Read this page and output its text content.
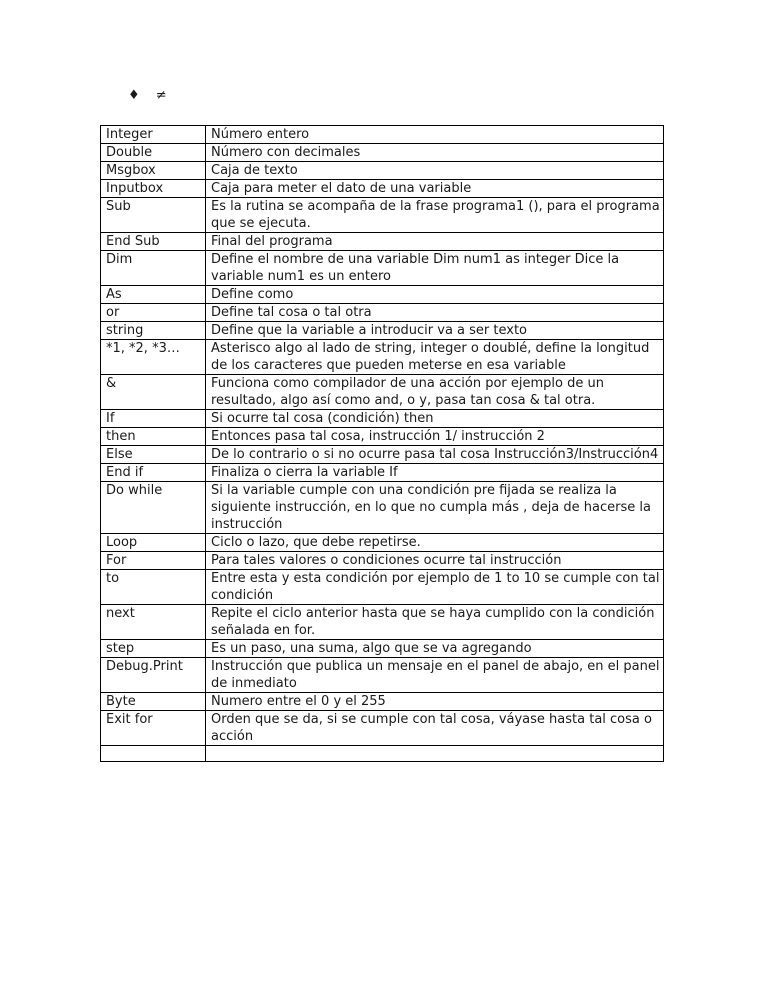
♦ ≠
Integer	Número entero
Double	Número con decimales
Msgbox	Caja de texto
Inputbox	Caja para meter el dato de una variable
Sub	Es la rutina se acompaña de la frase programa1 (), para el programa que se ejecuta.
End Sub	Final del programa
Dim	Define el nombre de una variable Dim num1 as integer Dice la variable num1 es un entero
As	Define como
or	Define tal cosa o tal otra
string	Define que la variable a introducir va a ser texto
*1, *2, *3…	Asterisco algo al lado de string, integer o doublé, define la longitud de los caracteres que pueden meterse en esa variable
&	Funciona como compilador de una acción por ejemplo de un resultado, algo así como and, o y, pasa tan cosa & tal otra.
If	Si ocurre tal cosa (condición) then
then	Entonces pasa tal cosa, instrucción 1/ instrucción 2
Else	De lo contrario o si no ocurre pasa tal cosa Instrucción3/Instrucción4
End if	Finaliza o cierra la variable If
Do while	Si la variable cumple con una condición pre fijada se realiza la siguiente instrucción, en lo que no cumpla más , deja de hacerse la instrucción
Loop	Ciclo o lazo, que debe repetirse.
For	Para tales valores o condiciones ocurre tal instrucción
to	Entre esta y esta condición por ejemplo de 1 to 10 se cumple con tal condición
next	Repite el ciclo anterior hasta que se haya cumplido con la condición señalada en for.
step	Es un paso, una suma, algo que se va agregando
Debug.Print	Instrucción que publica un mensaje en el panel de abajo, en el panel de inmediato
Byte	Numero entre el 0 y el 255
Exit for	Orden que se da, si se cumple con tal cosa, váyase hasta tal cosa o acción
